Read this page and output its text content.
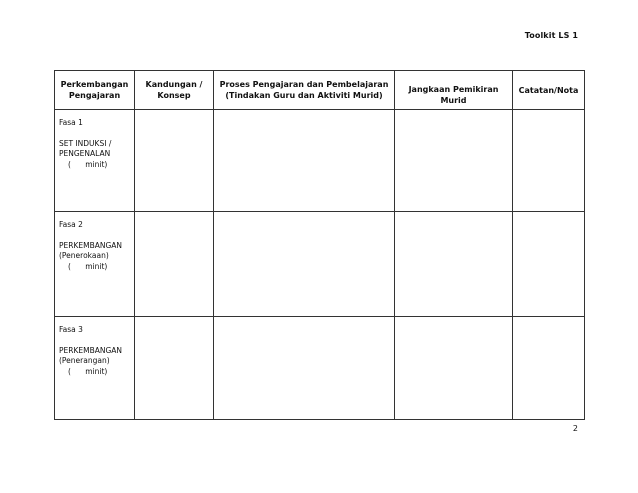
Toolkit LS 1
Perkembangan Pengajaran	Kandungan / Konsep	Proses Pengajaran dan Pembelajaran (Tindakan Guru dan Aktiviti Murid)	Jangkaan Pemikiran Murid	Catatan/Nota

Fasa 1
SET INDUKSI /
PENGENALAN
(      minit)				

Fasa 2
PERKEMBANGAN
(Penerokaan)
(      minit)				

Fasa 3
PERKEMBANGAN
(Penerangan)
(      minit)				

2
